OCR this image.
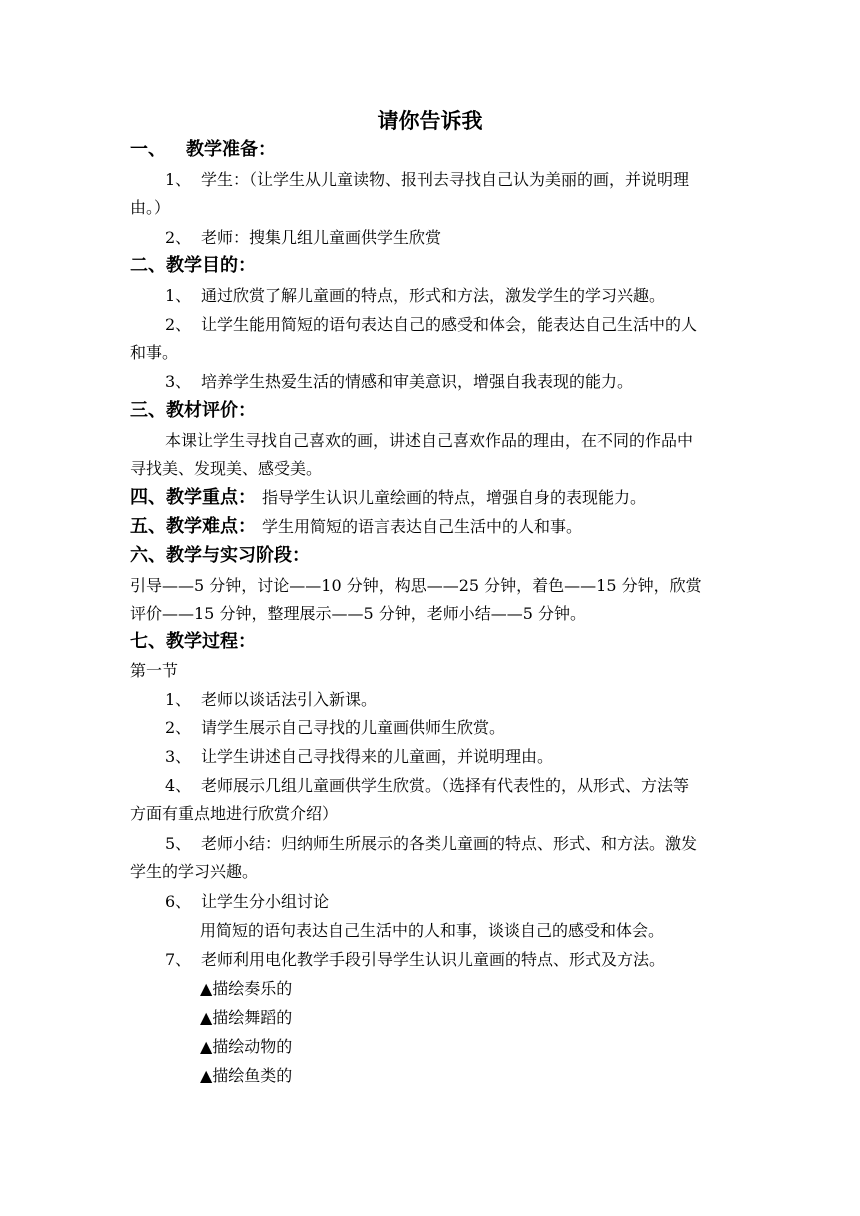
请你告诉我
一、 教学准备：
1、 学生：（让学生从儿童读物、报刊去寻找自己认为美丽的画，并说明理
由。）
2、 老师：搜集几组儿童画供学生欣赏
二、教学目的：
1、 通过欣赏了解儿童画的特点，形式和方法，激发学生的学习兴趣。
2、 让学生能用简短的语句表达自己的感受和体会，能表达自己生活中的人
和事。
3、 培养学生热爱生活的情感和审美意识，增强自我表现的能力。
三、教材评价：
本课让学生寻找自己喜欢的画，讲述自己喜欢作品的理由，在不同的作品中
寻找美、发现美、感受美。
四、教学重点： 指导学生认识儿童绘画的特点，增强自身的表现能力。
五、教学难点： 学生用简短的语言表达自己生活中的人和事。
六、教学与实习阶段：
引导——5 分钟，讨论——10 分钟，构思——25 分钟，着色——15 分钟，欣赏
评价——15 分钟，整理展示——5 分钟，老师小结——5 分钟。
七、教学过程：
第一节
1、 老师以谈话法引入新课。
2、 请学生展示自己寻找的儿童画供师生欣赏。
3、 让学生讲述自己寻找得来的儿童画，并说明理由。
4、 老师展示几组儿童画供学生欣赏。（选择有代表性的，从形式、方法等
方面有重点地进行欣赏介绍）
5、 老师小结：归纳师生所展示的各类儿童画的特点、形式、和方法。激发
学生的学习兴趣。
6、 让学生分小组讨论
用简短的语句表达自己生活中的人和事，谈谈自己的感受和体会。
7、 老师利用电化教学手段引导学生认识儿童画的特点、形式及方法。
▲描绘奏乐的
▲描绘舞蹈的
▲描绘动物的
▲描绘鱼类的
